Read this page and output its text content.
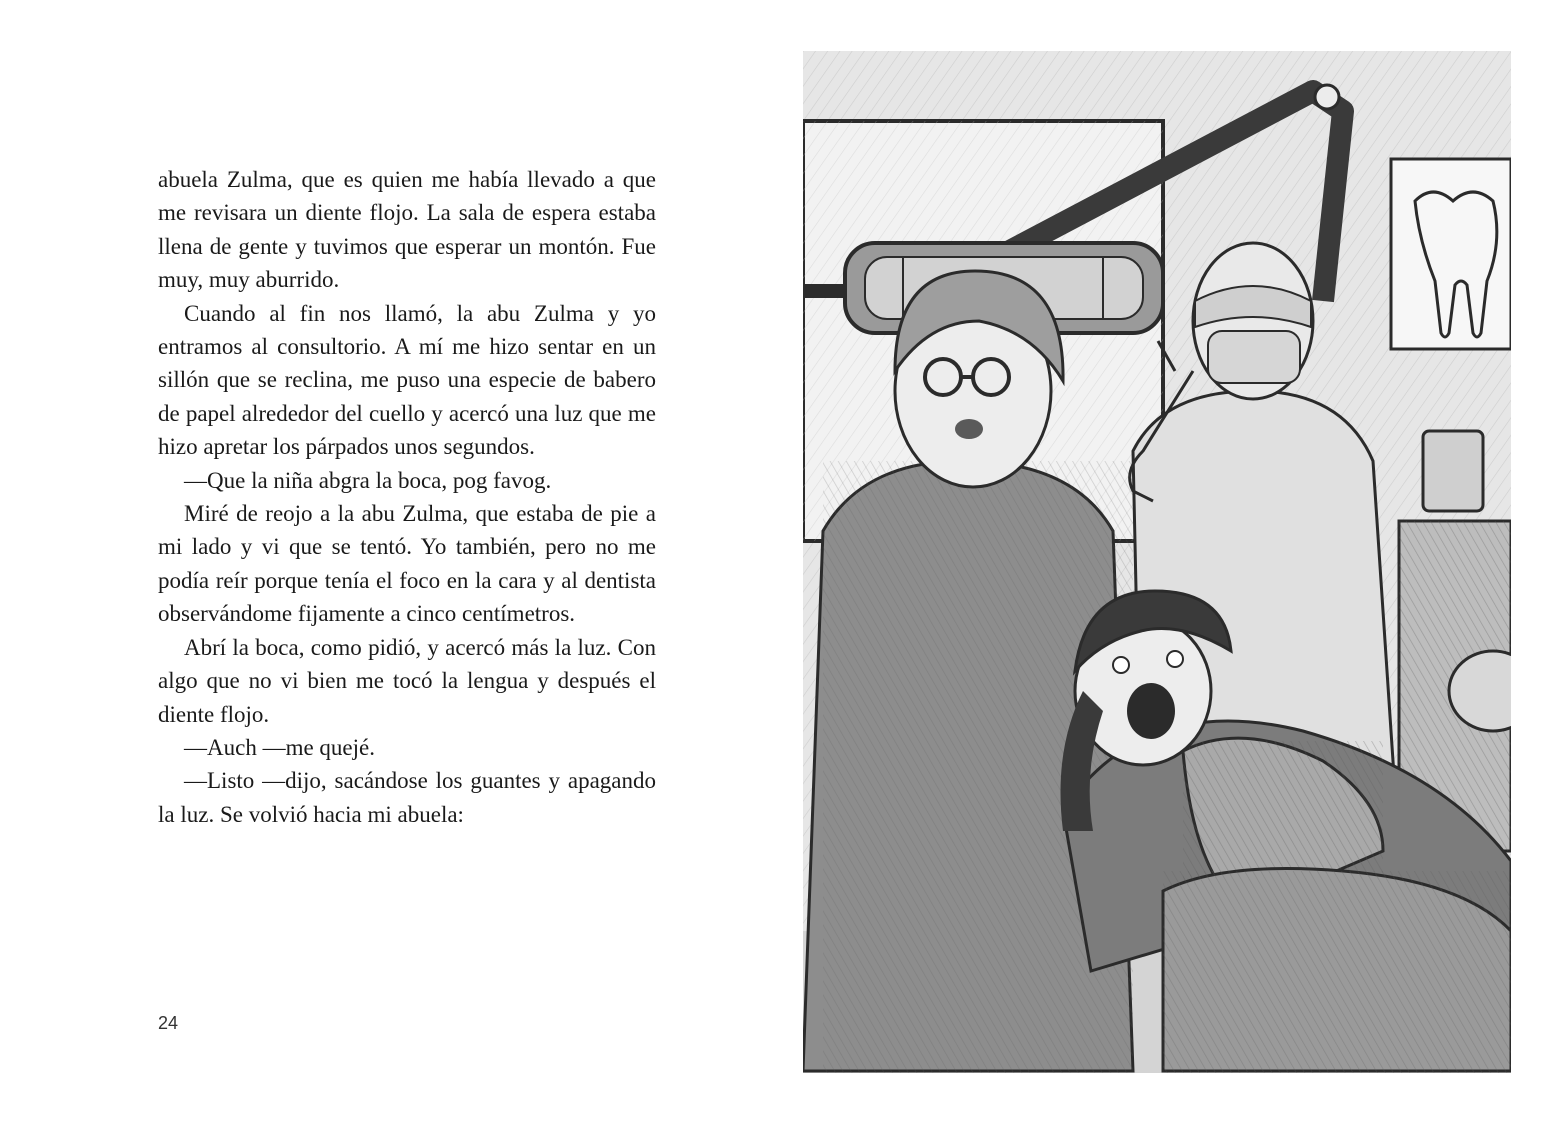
abuela Zulma, que es quien me había llevado a que me revisara un diente flojo. La sala de espera estaba llena de gente y tuvimos que esperar un montón. Fue muy, muy aburrido.

Cuando al fin nos llamó, la abu Zulma y yo entramos al consultorio. A mí me hizo sentar en un sillón que se reclina, me puso una especie de babero de papel alrededor del cuello y acercó una luz que me hizo apretar los párpados unos segundos.

—Que la niña abgra la boca, pog favog.

Miré de reojo a la abu Zulma, que estaba de pie a mi lado y vi que se tentó. Yo también, pero no me podía reír porque tenía el foco en la cara y al dentista observándome fijamente a cinco centímetros.

Abrí la boca, como pidió, y acercó más la luz. Con algo que no vi bien me tocó la lengua y después el diente flojo.

—Auch —me quejé.

—Listo —dijo, sacándose los guantes y apagando la luz. Se volvió hacia mi abuela:

24
